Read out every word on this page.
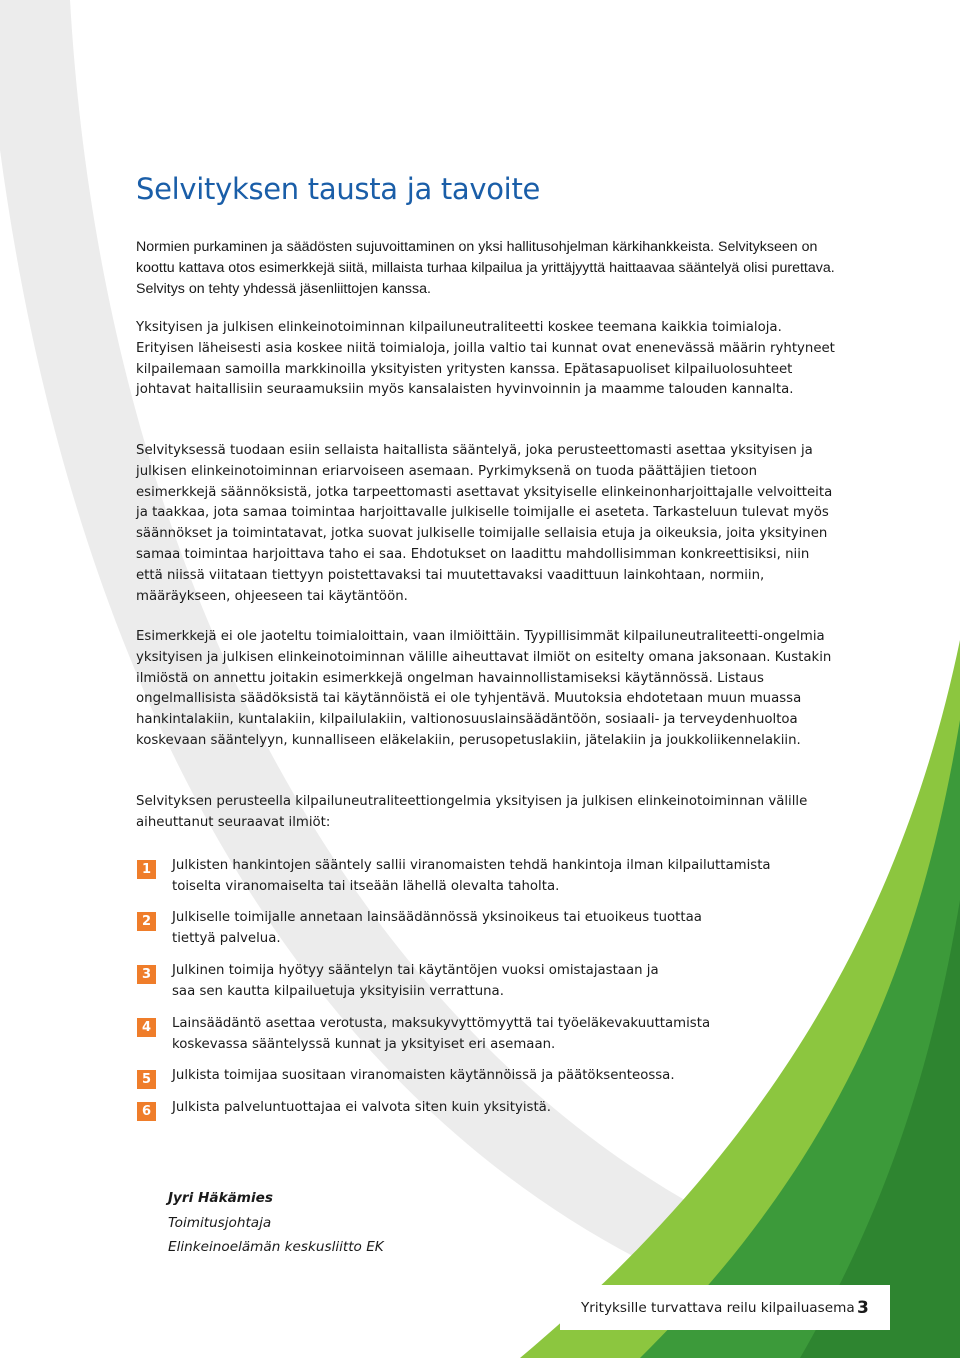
Selvityksen tausta ja tavoite

Normien purkaminen ja säädösten sujuvoittaminen on yksi hallitusohjelman kärkihankkeista. Selvitykseen on koottu kattava otos esimerkkejä siitä, millaista turhaa kilpailua ja yrittäjyyttä haittaavaa sääntelyä olisi purettava. Selvitys on tehty yhdessä jäsenliittojen kanssa.

Yksityisen ja julkisen elinkeinotoiminnan kilpailuneutraliteetti koskee teemana kaikkia toimialoja. Erityisen läheisesti asia koskee niitä toimialoja, joilla valtio tai kunnat ovat enenevässä määrin ryhtyneet kilpailemaan samoilla markkinoilla yksityisten yritysten kanssa. Epätasapuoliset kilpailuolosuhteet johtavat haitallisiin seuraamuksiin myös kansalaisten hyvinvoinnin ja maamme talouden kannalta.

Selvityksessä tuodaan esiin sellaista haitallista sääntelyä, joka perusteettomasti asettaa yksityisen ja julkisen elinkeinotoiminnan eriarvoiseen asemaan. Pyrkimyksenä on tuoda päättäjien tietoon esimerkkejä säännöksistä, jotka tarpeettomasti asettavat yksityiselle elinkeinonharjoittajalle velvoitteita ja taakkaa, jota samaa toimintaa harjoittavalle julkiselle toimijalle ei aseteta. Tarkasteluun tulevat myös säännökset ja toimintatavat, jotka suovat julkiselle toimijalle sellaisia etuja ja oikeuksia, joita yksityinen samaa toimintaa harjoittava taho ei saa. Ehdotukset on laadittu mahdollisimman konkreettisiksi, niin että niissä viitataan tiettyyn poistettavaksi tai muutettavaksi vaadittuun lainkohtaan, normiin, määräykseen, ohjeeseen tai käytäntöön.

Esimerkkejä ei ole jaoteltu toimialoittain, vaan ilmiöittäin. Tyypillisimmät kilpailuneutraliteetti-ongelmia yksityisen ja julkisen elinkeinotoiminnan välille aiheuttavat ilmiöt on esitelty omana jaksonaan. Kustakin ilmiöstä on annettu joitakin esimerkkejä ongelman havainnollistamiseksi käytännössä. Listaus ongelmallisista säädöksistä tai käytännöistä ei ole tyhjentävä. Muutoksia ehdotetaan muun muassa hankintalakiin, kuntalakiin, kilpailulakiin, valtionosuuslainsäädäntöön, sosiaali- ja terveydenhuoltoa koskevaan sääntelyyn, kunnalliseen eläkelakiin, perusopetuslakiin, jätelakiin ja joukkoliikennelakiin.

Selvityksen perusteella kilpailuneutraliteettiongelmia yksityisen ja julkisen elinkeinotoiminnan välille aiheuttanut seuraavat ilmiöt:

1	Julkisten hankintojen sääntely sallii viranomaisten tehdä hankintoja ilman kilpailuttamista
toiselta viranomaiselta tai itseään lähellä olevalta taholta.
2	Julkiselle toimijalle annetaan lainsäädännössä yksinoikeus tai etuoikeus tuottaa
tiettyä palvelua.
3	Julkinen toimija hyötyy sääntelyn tai käytäntöjen vuoksi omistajastaan ja
saa sen kautta kilpailuetuja yksityisiin verrattuna.
4	Lainsäädäntö asettaa verotusta, maksukyvyttömyyttä tai työeläkevakuuttamista
koskevassa sääntelyssä kunnat ja yksityiset eri asemaan.
5	Julkista toimijaa suositaan viranomaisten käytännöissä ja päätöksenteossa.
6	Julkista palveluntuottajaa ei valvota siten kuin yksityistä.
Jyri Häkämies
Toimitusjohtaja
Elinkeinoelämän keskusliitto EK
Yrityksille turvattava reilu kilpailuasema 3
